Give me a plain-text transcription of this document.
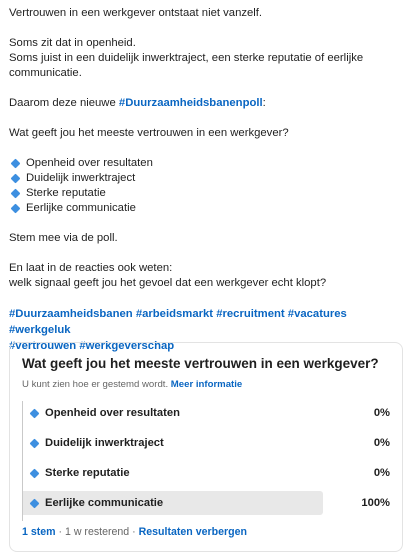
Vertrouwen in een werkgever ontstaat niet vanzelf.

Soms zit dat in openheid.

Soms juist in een duidelijk inwerktraject, een sterke reputatie of eerlijke communicatie.

Daarom deze nieuwe #Duurzaamheidsbanenpoll:

Wat geeft jou het meeste vertrouwen in een werkgever?

Openheid over resultaten
Duidelijk inwerktraject
Sterke reputatie
Eerlijke communicatie

Stem mee via de poll.

En laat in de reacties ook weten:

welk signaal geeft jou het gevoel dat een werkgever echt klopt?

#Duurzaamheidsbanen #arbeidsmarkt #recruitment #vacatures #werkgeluk
#vertrouwen #werkgeverschap
Wat geeft jou het meeste vertrouwen in een werkgever?
U kunt zien hoe er gestemd wordt. Meer informatie
Openheid over resultaten	0%
Duidelijk inwerktraject	0%
Sterke reputatie	0%
Eerlijke communicatie	100%
1 stem · 1 w resterend · Resultaten verbergen
